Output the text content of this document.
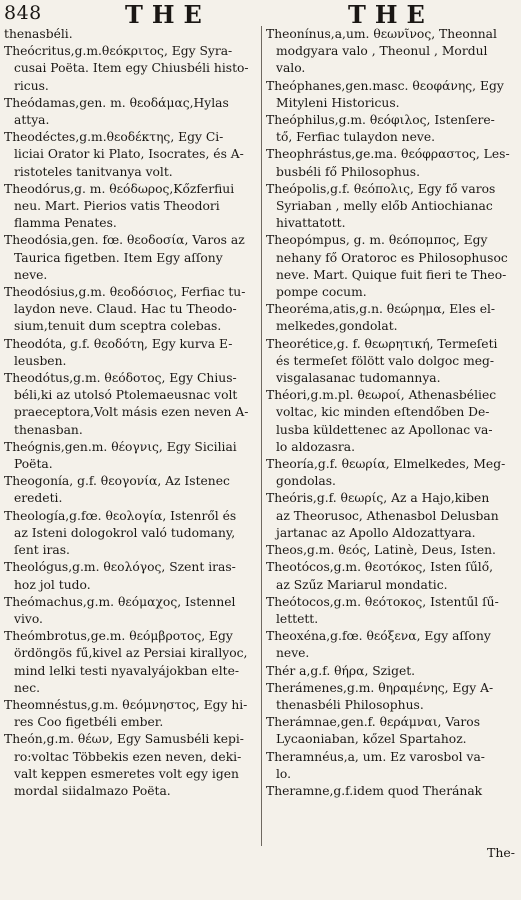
848	THE	THE
thenasbéli.
Theócritus,g.m.θεόκριτος, Egy Syra-
cusai Poëta. Item egy Chiusbéli histo-
ricus.
Theódamas,gen. m. θεοδάμας,Hylas
attya.
Theodéctes,g.m.θεοδέκτης, Egy Ci-
liciai Orator ki Plato, Isocrates, és A-
ristoteles tanitvanya volt.
Theodórus,g. m. θεόδωρος,Kőzferfiui
neu. Mart. Pierios vatis Theodori
flamma Penates.
Theodósia,gen. fœ. θεοδοσία, Varos az
Taurica figetben. Item Egy aſſony
neve.
Theodósius,g.m. θεοδόσιος, Ferfiac tu-
laydon neve. Claud. Hac tu Theodo-
sium,tenuit dum sceptra colebas.
Theodóta, g.f. θεοδότη, Egy kurva E-
leusben.
Theodótus,g.m. θεόδοτος, Egy Chius-
béli,ki az utolsó Ptolemaeusnac volt
praeceptora,Volt másis ezen neven A-
thenasban.
Theógnis,gen.m. θέογνις, Egy Siciliai
Poëta.
Theogonía, g.f. θεογονία, Az Istenec
eredeti.
Theología,g.fœ. θεολογία, Istenről és
az Isteni dologokrol való tudomany,
ſent iras.
Theológus,g.m. θεολόγος, Szent iras-
hoz jol tudo.
Theómachus,g.m. θεόμαχος, Istennel
vivo.
Theómbrotus,ge.m. θεόμβροτος, Egy
ördöngös fű,kivel az Persiai kirallyoc,
mind lelki testi nyavalyájokban elte-
nec.
Theomnéstus,g.m. θεόμνηστος, Egy hi-
res Coo figetbéli ember.
Theón,g.m. θέων, Egy Samusbéli kepi-
ro:voltac Többekis ezen neven, deki-
valt keppen esmeretes volt egy igen
mordal siidalmazo Poëta.
Theonínus,a,um. θεωνῖνος, Theonnal
modgyara valo , Theonul , Mordul
valo.
Theóphanes,gen.masc. θεοφάνης, Egy
Mityleni Historicus.
Theóphilus,g.m. θεόφιλος, Istenſere-
tő, Ferfiac tulaydon neve.
Theophrástus,ge.ma. θεόφραστος, Les-
busbéli fő Philosophus.
Theópolis,g.f. θεόπολις, Egy fő varos
Syriaban , melly előb Antiochianac
hivattatott.
Theopómpus, g. m. θεόπομπος, Egy
nehany fő Oratoroc es Philosophusoc
neve. Mart. Quique fuit fieri te Theo-
pompe cocum.
Theoréma,atis,g.n. θεώρημα, Eles el-
melkedes,gondolat.
Theorétice,g. f. θεωρητική, Termeſeti
és termeſet fölött valo dolgoc meg-
visgalasanac tudomannya.
Théori,g.m.pl. θεωροί, Athenasbéliec
voltac, kic minden eſtendőben De-
lusba küldettenec az Apollonac va-
lo aldozasra.
Theoría,g.f. θεωρία, Elmelkedes, Meg-
gondolas.
Theóris,g.f. θεωρίς, Az a Hajo,kiben
az Theorusoc, Athenasbol Delusban
jartanac az Apollo Aldozattyara.
Theos,g.m. θεός, Latinè, Deus, Isten.
Theotócos,g.m. θεοτόκος, Isten ſűlő,
az Szűz Mariarul mondatic.
Theótocos,g.m. θεότοκος, Istentűl ſű-
lettett.
Theoxéna,g.fœ. θεόξενα, Egy aſſony
neve.
Thér a,g.f. θήρα, Sziget.
Therámenes,g.m. θηραμένης, Egy A-
thenasbéli Philosophus.
Therámnae,gen.f. θεράμναι, Varos
Lycaoniaban, kőzel Spartahoz.
Theramnéus,a, um. Ez varosbol va-
lo.
Theramne,g.f.idem quod Therának
The-
